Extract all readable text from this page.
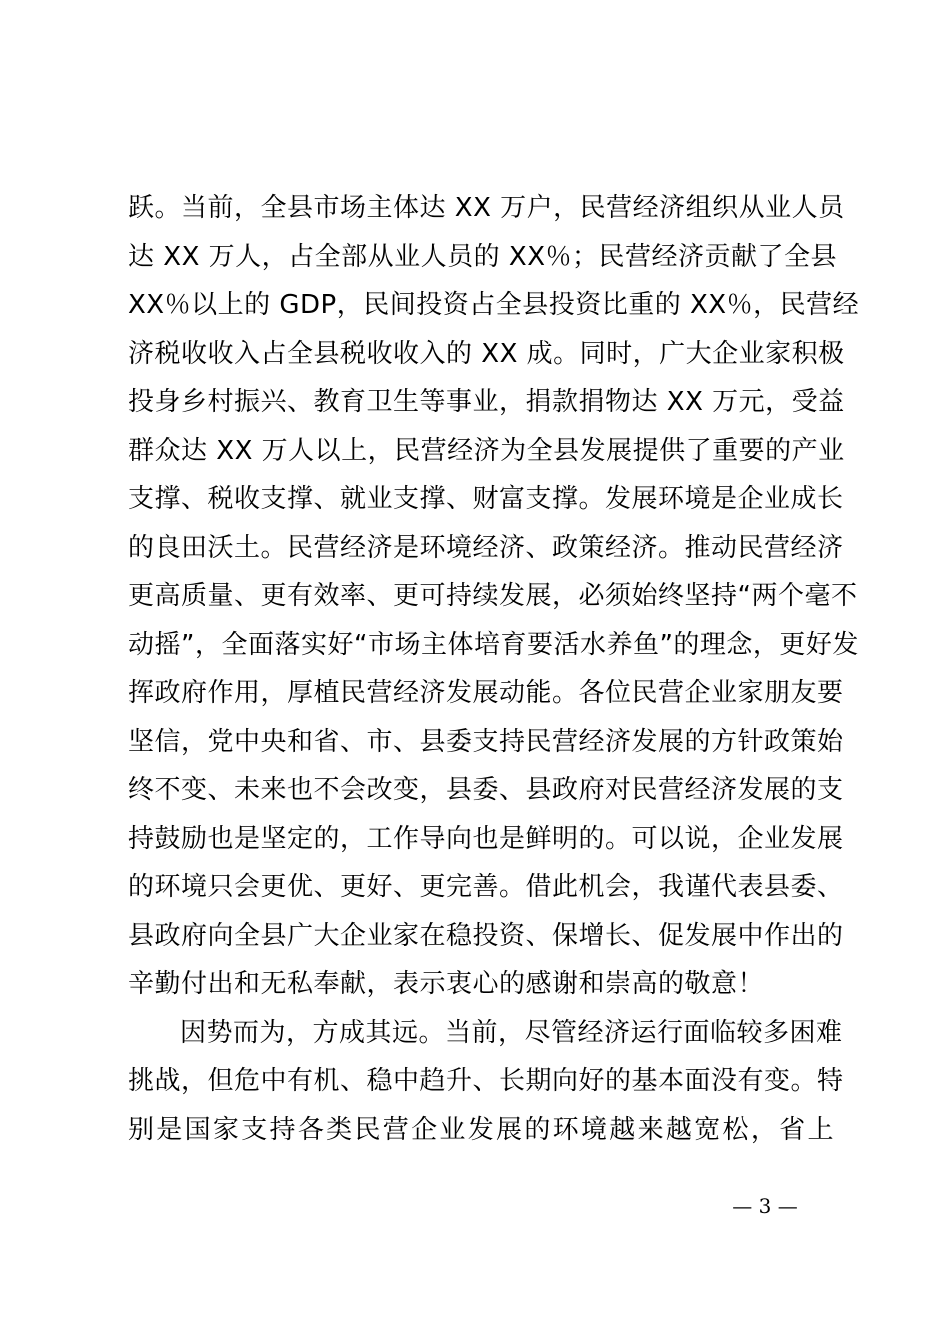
跃。当前，全县市场主体达 XX 万户，民营经济组织从业人员
达 XX 万人，占全部从业人员的 XX％；民营经济贡献了全县
XX％以上的 GDP，民间投资占全县投资比重的 XX％，民营经
济税收收入占全县税收收入的 XX 成。同时，广大企业家积极
投身乡村振兴、教育卫生等事业，捐款捐物达 XX 万元，受益
群众达 XX 万人以上，民营经济为全县发展提供了重要的产业
支撑、税收支撑、就业支撑、财富支撑。发展环境是企业成长
的良田沃土。民营经济是环境经济、政策经济。推动民营经济
更高质量、更有效率、更可持续发展，必须始终坚持“两个毫不
动摇”，全面落实好“市场主体培育要活水养鱼”的理念，更好发
挥政府作用，厚植民营经济发展动能。各位民营企业家朋友要
坚信，党中央和省、市、县委支持民营经济发展的方针政策始
终不变、未来也不会改变，县委、县政府对民营经济发展的支
持鼓励也是坚定的，工作导向也是鲜明的。可以说，企业发展
的环境只会更优、更好、更完善。借此机会，我谨代表县委、
县政府向全县广大企业家在稳投资、保增长、促发展中作出的
辛勤付出和无私奉献，表示衷心的感谢和崇高的敬意！
因势而为，方成其远。当前，尽管经济运行面临较多困难
挑战，但危中有机、稳中趋升、长期向好的基本面没有变。特
别是国家支持各类民营企业发展的环境越来越宽松，省上
— 3 —
